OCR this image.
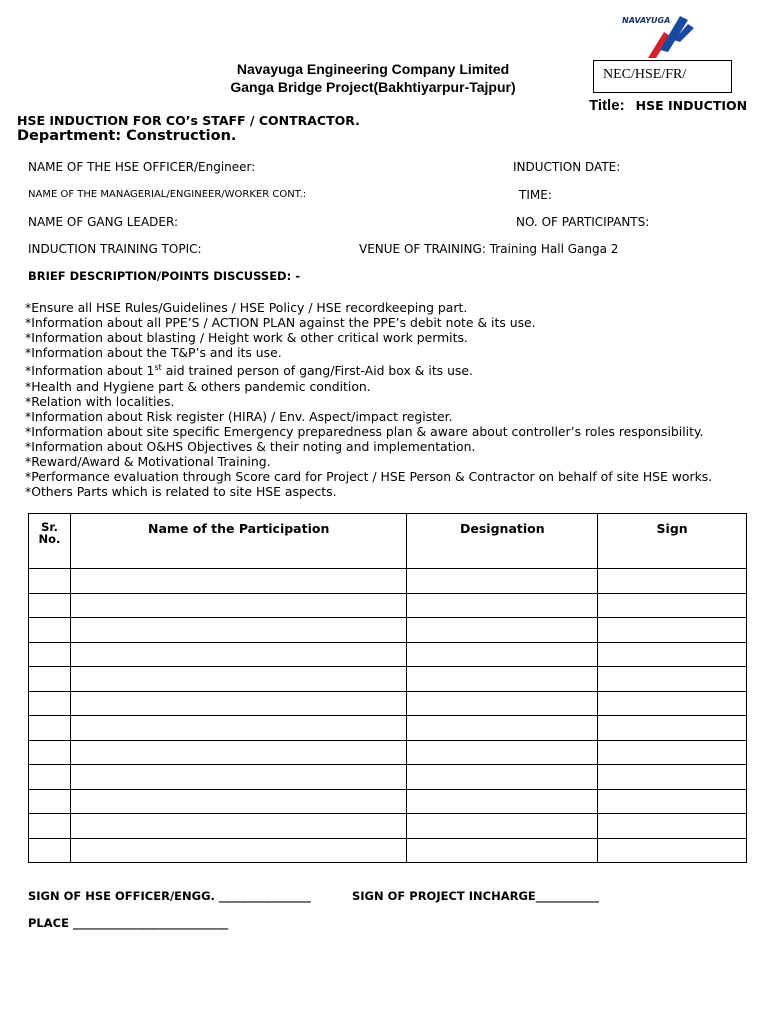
NAVAYUGA
Navayuga Engineering Company Limited
Ganga Bridge Project(Bakhtiyarpur-Tajpur)
NEC/HSE/FR/
Title: HSE INDUCTION
HSE INDUCTION FOR CO’s STAFF / CONTRACTOR.
Department: Construction.
NAME OF THE HSE OFFICER/Engineer:	INDUCTION DATE:
NAME OF THE MANAGERIAL/ENGINEER/WORKER CONT.:	TIME:
NAME OF GANG LEADER:	NO. OF PARTICIPANTS:
INDUCTION TRAINING TOPIC:	VENUE OF TRAINING: Training Hall Ganga 2
BRIEF DESCRIPTION/POINTS DISCUSSED: -
*Ensure all HSE Rules/Guidelines / HSE Policy / HSE recordkeeping part.
*Information about all PPE’S / ACTION PLAN against the PPE’s debit note & its use.
*Information about blasting / Height work & other critical work permits.
*Information about the T&P’s and its use.
*Information about 1st aid trained person of gang/First-Aid box & its use.
*Health and Hygiene part & others pandemic condition.
*Relation with localities.
*Information about Risk register (HIRA) / Env. Aspect/impact register.
*Information about site specific Emergency preparedness plan & aware about controller’s roles responsibility.
*Information about O&HS Objectives & their noting and implementation.
*Reward/Award & Motivational Training.
*Performance evaluation through Score card for Project / HSE Person & Contractor on behalf of site HSE works.
*Others Parts which is related to site HSE aspects.
Sr.
No.	Name of the Participation	Designation	Sign

SIGN OF HSE OFFICER/ENGG. ________________	SIGN OF PROJECT INCHARGE___________
PLACE ___________________________
